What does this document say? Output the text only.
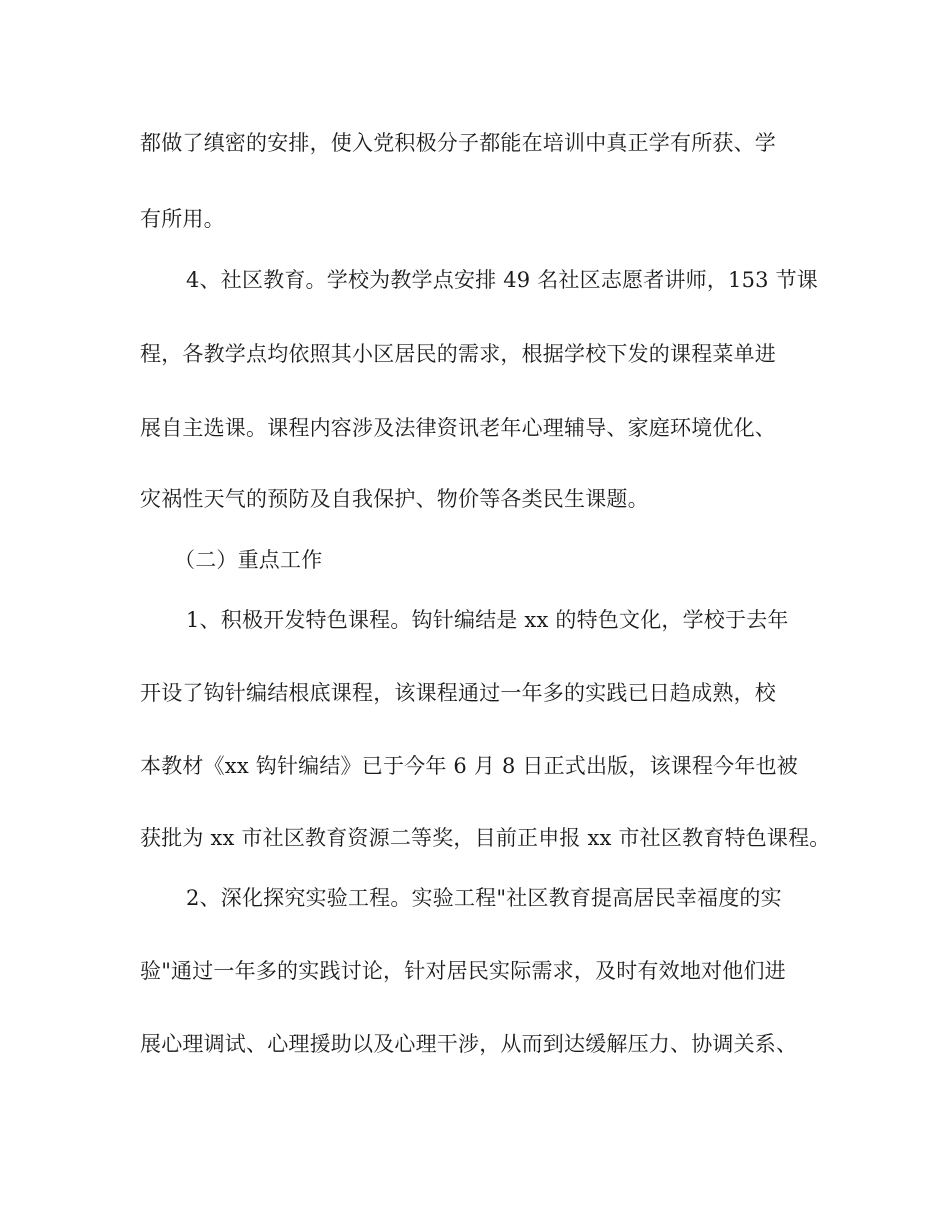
都做了缜密的安排，使入党积极分子都能在培训中真正学有所获、学
有所用。
4、社区教育。学校为教学点安排 49 名社区志愿者讲师，153 节课
程，各教学点均依照其小区居民的需求，根据学校下发的课程菜单进
展自主选课。课程内容涉及法律资讯老年心理辅导、家庭环境优化、
灾祸性天气的预防及自我保护、物价等各类民生课题。
（二）重点工作
1、积极开发特色课程。钩针编结是 xx 的特色文化，学校于去年
开设了钩针编结根底课程，该课程通过一年多的实践已日趋成熟，校
本教材《xx 钩针编结》已于今年 6 月 8 日正式出版，该课程今年也被
获批为 xx 市社区教育资源二等奖，目前正申报 xx 市社区教育特色课程。
2、深化探究实验工程。实验工程"社区教育提高居民幸福度的实
验"通过一年多的实践讨论，针对居民实际需求，及时有效地对他们进
展心理调试、心理援助以及心理干涉，从而到达缓解压力、协调关系、
